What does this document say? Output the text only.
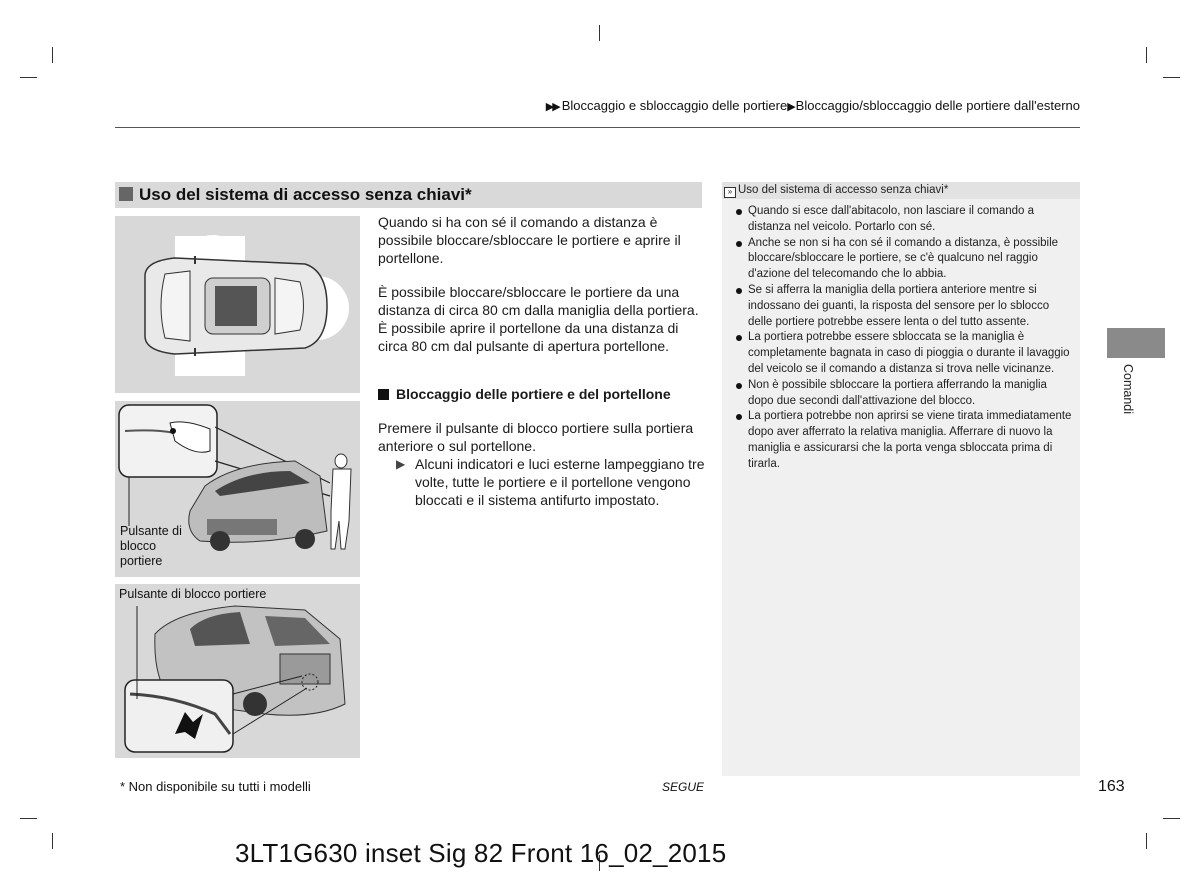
▶▶ Bloccaggio e sbloccaggio delle portiere▶Bloccaggio/sbloccaggio delle portiere dall'esterno
Uso del sistema di accesso senza chiavi*
Pulsante di blocco portiere
Pulsante di blocco portiere

Quando si ha con sé il comando a distanza è possibile bloccare/sbloccare le portiere e aprire il portellone.

È possibile bloccare/sbloccare le portiere da una distanza di circa 80 cm dalla maniglia della portiera. È possibile aprire il portellone da una distanza di circa 80 cm dal pulsante di apertura portellone.

Bloccaggio delle portiere e del portellone

Premere il pulsante di blocco portiere sulla portiera anteriore o sul portellone.

▶ Alcuni indicatori e luci esterne lampeggiano tre volte, tutte le portiere e il portellone vengono bloccati e il sistema antifurto impostato.
» Uso del sistema di accesso senza chiavi*
Quando si esce dall'abitacolo, non lasciare il comando a distanza nel veicolo. Portarlo con sé.
Anche se non si ha con sé il comando a distanza, è possibile bloccare/sbloccare le portiere, se c'è qualcuno nel raggio d'azione del telecomando che lo abbia.
Se si afferra la maniglia della portiera anteriore mentre si indossano dei guanti, la risposta del sensore per lo sblocco delle portiere potrebbe essere lenta o del tutto assente.
La portiera potrebbe essere sbloccata se la maniglia è completamente bagnata in caso di pioggia o durante il lavaggio del veicolo se il comando a distanza si trova nelle vicinanze.
Non è possibile sbloccare la portiera afferrando la maniglia dopo due secondi dall'attivazione del blocco.
La portiera potrebbe non aprirsi se viene tirata immediatamente dopo aver afferrato la relativa maniglia. Afferrare di nuovo la maniglia e assicurarsi che la porta venga sbloccata prima di tirarla.
Comandi
* Non disponibile su tutti i modelli	SEGUE	163
3LT1G630 inset Sig 82 Front 16_02_2015
